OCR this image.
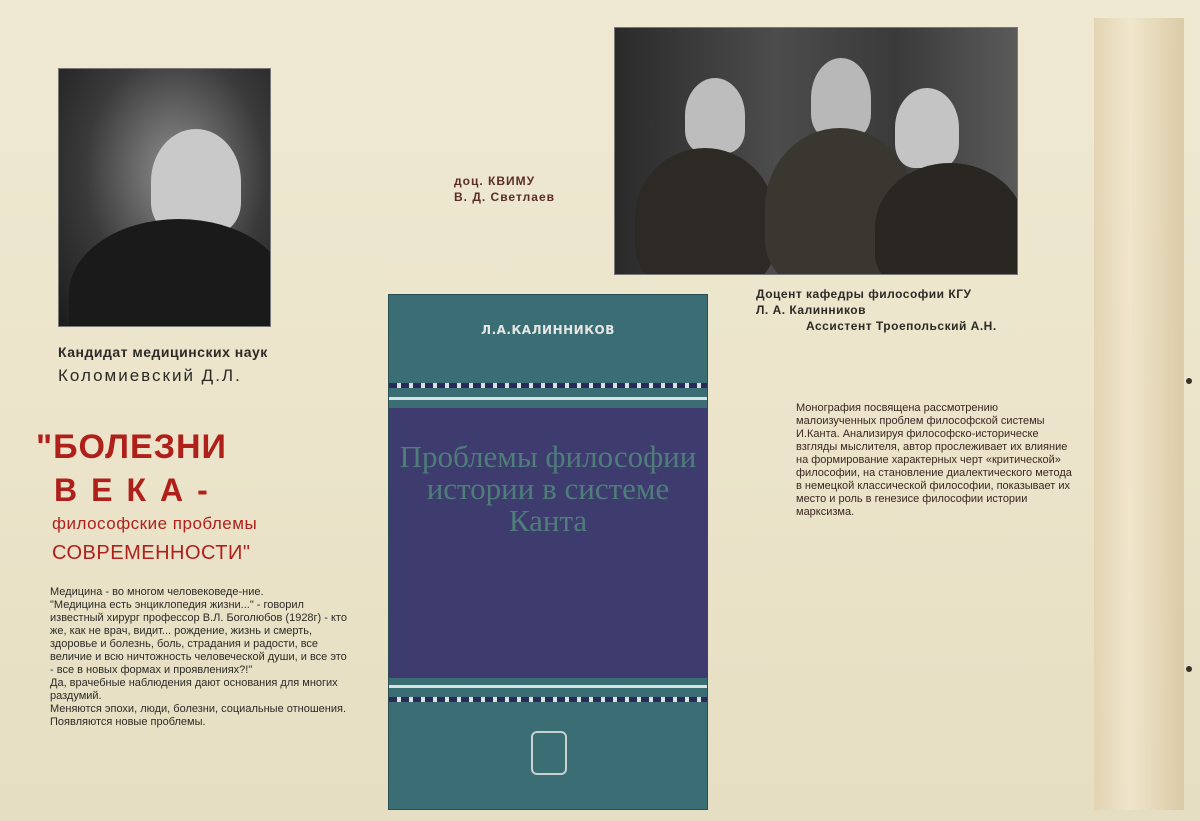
Кандидат медицинских наук
Коломиевский Д.Л.
доц. КВИМУ
В. Д. Светлаев
Доцент кафедры философии КГУ
Л. А. Калинников
Ассистент Троепольский А.Н.
"БОЛЕЗНИ
ВЕКА-
философские проблемы
СОВРЕМЕННОСТИ"

Медицина - во многом человековеде-ние.

"Медицина есть энциклопедия жизни..." - говорил известный хирург профессор В.Л. Боголюбов (1928г) - кто же, как не врач, видит... рождение, жизнь и смерть, здоровье и болезнь, боль, страдания и радости, все величие и всю ничтожность человеческой души, и все это - все в новых формах и проявлениях?!"

Да, врачебные наблюдения дают основания для многих раздумий.

Меняются эпохи, люди, болезни, социальные отношения. Появляются новые проблемы.

Л.А.КАЛИННИКОВ
Проблемы философии истории в системе Канта
Монография посвящена рассмотрению малоизученных проблем философской системы И.Канта. Анализируя философско-историческе взгляды мыслителя, автор прослеживает их влияние на формирование характерных черт «критической» философии, на становление диалектического метода в немецкой классической философии, показывает их место и роль в генезисе философии истории марксизма.
